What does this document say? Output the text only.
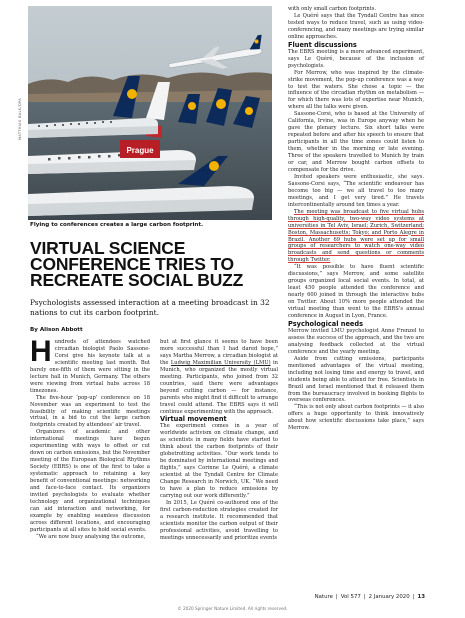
Prague
MATTHIAS BALK/DPA
Flying to conferences creates a large carbon footprint.
VIRTUAL SCIENCE
CONFERENCE TRIES TO
RECREATE SOCIAL BUZZ
Psychologists assessed interaction at a meeting broadcast in 32 nations to cut its carbon footprint.
By Alison Abbott

Hundreds of attendees watched circadian biologist Paolo Sassone-Corsi give his keynote talk at a scientific meeting last month. But barely one-fifth of them were sitting in the lecture hall in Munich, Germany. The others were viewing from virtual hubs across 18 timezones.

The five-hour ‘pop-up’ conference on 18 November was an experiment to test the feasibility of making scientific meetings virtual, in a bid to cut the large carbon footprints created by attendees’ air travel.

Organizers of academic and other international meetings have begun experimenting with ways to offset or cut down on carbon emissions, but the November meeting of the European Biological Rhythms Society (EBRS) is one of the first to take a systematic approach to retaining a key benefit of conventional meetings: networking and face-to-face contact. Its organizers invited psychologists to evaluate whether technology and organizational techniques can aid interaction and networking, for example by enabling seamless discussion across different locations, and encouraging participants at all sites to hold social events.

“We are now busy analysing the outcome,

but at first glance it seems to have been more successful than I had dared hope,” says Martha Merrow, a circadian biologist at the Ludwig Maximilian University (LMU) in Munich, who organized the mostly virtual meeting. Participants, who joined from 32 countries, said there were advantages beyond cutting carbon — for instance, parents who might find it difficult to arrange travel could attend. The EBRS says it will continue experimenting with the approach.

Virtual movement

The experiment comes in a year of worldwide activism on climate change, and as scientists in many fields have started to think about the carbon footprints of their globetrotting activities. “Our work tends to be dominated by international meetings and flights,” says Corinne Le Quéré, a climate scientist at the Tyndall Centre for Climate Change Research in Norwich, UK. “We need to have a plan to reduce emissions by carrying out our work differently.”

In 2015, Le Quéré co-authored one of the first carbon-reduction strategies created for a research institute. It recommended that scientists monitor the carbon output of their professional activities, avoid travelling to meetings unnecessarily and prioritize events

with only small carbon footprints.

Le Quéré says that the Tyndall Centre has since tested ways to reduce travel, such as using video-conferencing, and many meetings are trying similar online approaches.

Fluent discussions

The EBRS meeting is a more advanced experiment, says Le Quéré, because of the inclusion of psychologists.

For Merrow, who was inspired by the climate-strike movement, the pop-up conference was a way to test the waters. She chose a topic — the influence of the circadian rhythm on metabolism — for which there was lots of expertise near Munich, where all the talks were given.

Sassone-Corsi, who is based at the University of California, Irvine, was in Europe anyway when he gave the plenary lecture. Six short talks were repeated before and after his speech to ensure that participants in all the time zones could listen to them, whether in the morning or late evening. Three of the speakers travelled to Munich by train or car, and Merrow bought carbon offsets to compensate for the drive.

Invited speakers were enthusiastic, she says. Sassone-Corsi says, “The scientific endeavour has become too big — we all travel to too many meetings, and I get very tired.” He travels intercontinentally around ten times a year.

The meeting was broadcast to five virtual hubs through high-quality, two-way video systems at universities in Tel Aviv, Israel; Zurich, Switzerland; Boston, Massachusetts; Tokyo; and Porto Alegre in Brazil. Another 69 hubs were set up for small groups of researchers to watch one-way video broadcasts and send questions or comments through Twitter.

“It was possible to have fluent scientific discussions,” says Merrow, and some satellite groups organized local social events. In total, at least 450 people attended the conference and nearly 600 joined in through the interactive hubs on Twitter. About 10% more people attended the virtual meeting than went to the EBRS’s annual conference in August in Lyon, France.

Psychological needs

Merrow invited LMU psychologist Anne Frenzel to assess the success of the approach, and the two are analysing feedback collected at the virtual conference and the yearly meeting.

Aside from cutting emissions, participants mentioned advantages of the virtual meeting, including not losing time and energy to travel, and students being able to attend for free. Scientists in Brazil and Israel mentioned that it released them from the bureaucracy involved in booking flights to overseas conferences.

“This is not only about carbon footprints — it also offers a huge opportunity to think innovatively about how scientific discussions take place,” says Merrow.

Nature | Vol 577 | 2 January 2020 | 13
© 2020 Springer Nature Limited. All rights reserved.
